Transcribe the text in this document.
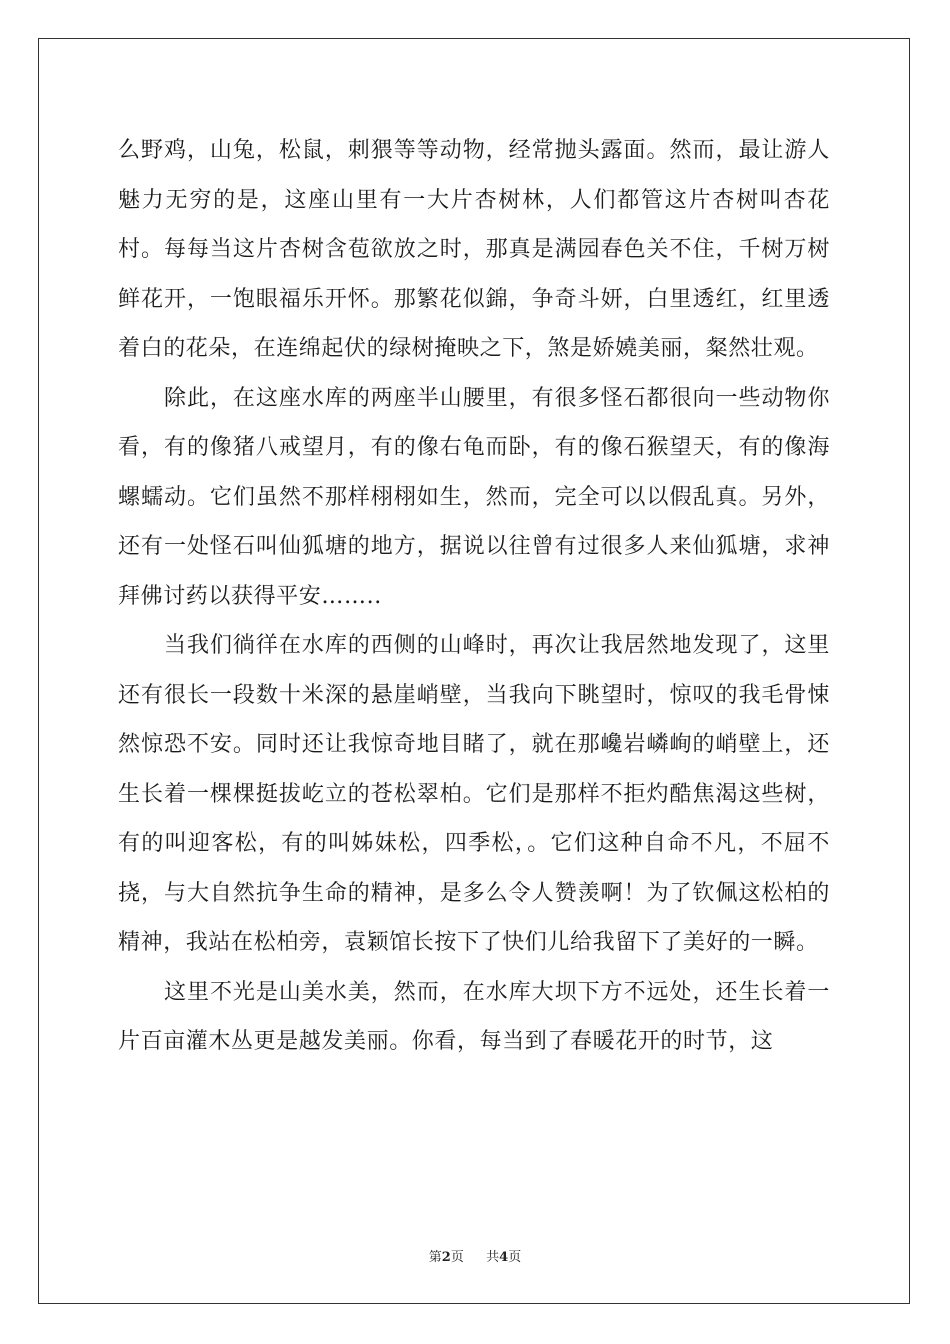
么野鸡，山兔，松鼠，刺猥等等动物，经常抛头露面。然而，最让游人魅力无穷的是，这座山里有一大片杏树林，人们都管这片杏树叫杏花村。每每当这片杏树含苞欲放之时，那真是满园春色关不住，千树万树鲜花开，一饱眼福乐开怀。那繁花似錦，争奇斗妍，白里透红，红里透着白的花朵，在连绵起伏的绿树掩映之下，煞是娇嬈美丽，粲然壮观。

除此，在这座水库的两座半山腰里，有很多怪石都很向一些动物你看，有的像猪八戒望月，有的像右龟而卧，有的像石猴望天，有的像海螺蠕动。它们虽然不那样栩栩如生，然而，完全可以以假乱真。另外，还有一处怪石叫仙狐塘的地方，据说以往曾有过很多人来仙狐塘，求神拜佛讨药以获得平安……..

当我们徜徉在水库的西侧的山峰时，再次让我居然地发现了，这里还有很长一段数十米深的悬崖峭壁，当我向下眺望时，惊叹的我毛骨悚然惊恐不安。同时还让我惊奇地目睹了，就在那巉岩嶙峋的峭壁上，还生长着一棵棵挺拔屹立的苍松翠柏。它们是那样不拒灼酷焦渴这些树，有的叫迎客松，有的叫姊妹松，四季松，。它们这种自命不凡，不屈不挠，与大自然抗争生命的精神，是多么令人赞羡啊！为了钦佩这松柏的精神，我站在松柏旁，袁颖馆长按下了快们儿给我留下了美好的一瞬。

这里不光是山美水美，然而，在水库大坝下方不远处，还生长着一片百亩灌木丛更是越发美丽。你看，每当到了春暖花开的时节，这

第2页 共4页
